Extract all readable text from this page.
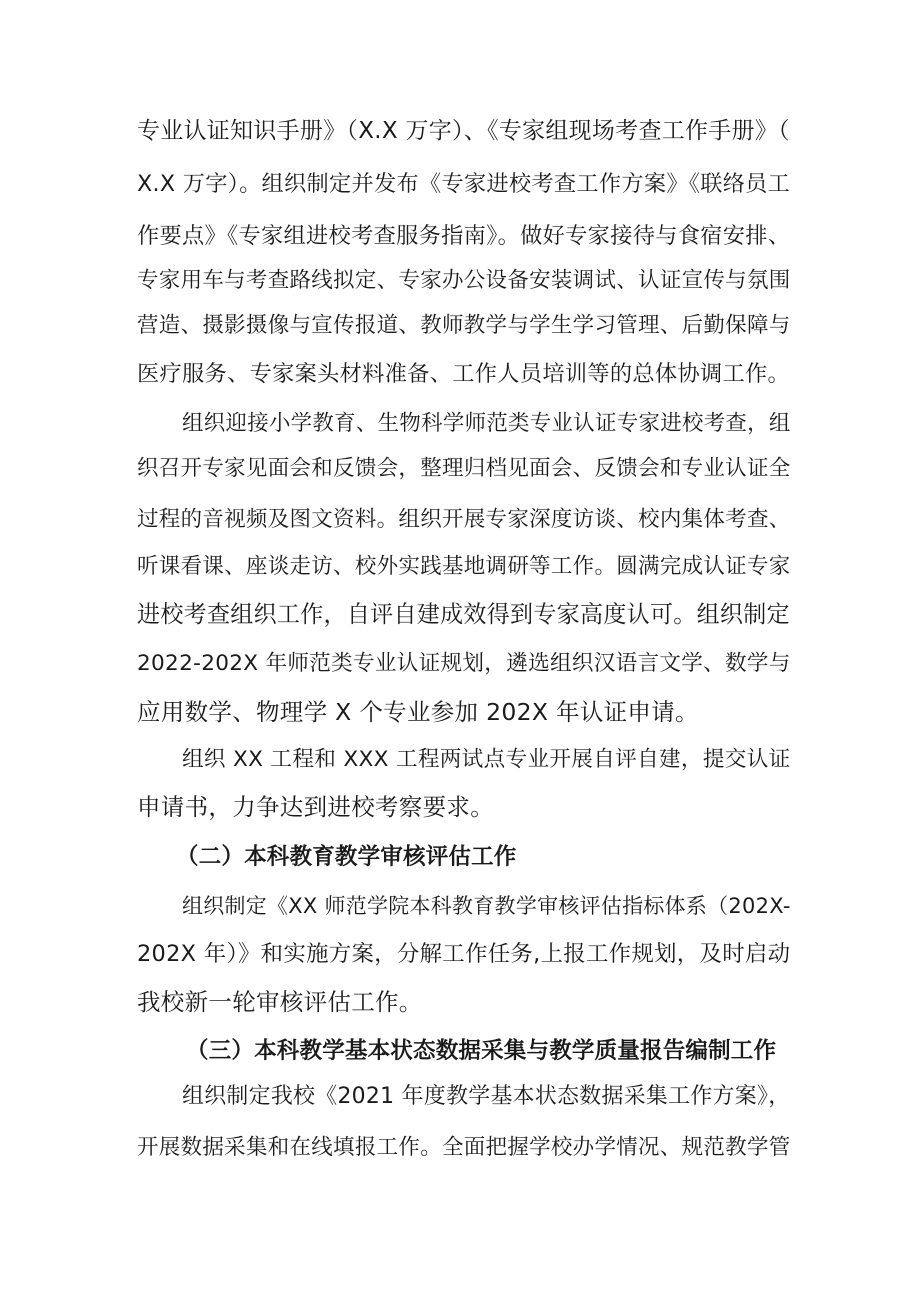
专业认证知识手册》（X.X 万字）、《专家组现场考查工作手册》（
X.X 万字）。组织制定并发布《专家进校考查工作方案》《联络员工
作要点》《专家组进校考查服务指南》。做好专家接待与食宿安排、
专家用车与考查路线拟定、专家办公设备安装调试、认证宣传与氛围
营造、摄影摄像与宣传报道、教师教学与学生学习管理、后勤保障与
医疗服务、专家案头材料准备、工作人员培训等的总体协调工作。
组织迎接小学教育、生物科学师范类专业认证专家进校考查，组
织召开专家见面会和反馈会，整理归档见面会、反馈会和专业认证全
过程的音视频及图文资料。组织开展专家深度访谈、校内集体考查、
听课看课、座谈走访、校外实践基地调研等工作。圆满完成认证专家
进校考查组织工作，自评自建成效得到专家高度认可。组织制定
2022-202X 年师范类专业认证规划，遴选组织汉语言文学、数学与
应用数学、物理学 X 个专业参加 202X 年认证申请。
组织 XX 工程和 XXX 工程两试点专业开展自评自建，提交认证
申请书，力争达到进校考察要求。
（二）本科教育教学审核评估工作
组织制定《XX 师范学院本科教育教学审核评估指标体系（202X-
202X 年）》和实施方案，分解工作任务,上报工作规划，及时启动
我校新一轮审核评估工作。
（三）本科教学基本状态数据采集与教学质量报告编制工作
组织制定我校《2021 年度教学基本状态数据采集工作方案》，
开展数据采集和在线填报工作。全面把握学校办学情况、规范教学管
